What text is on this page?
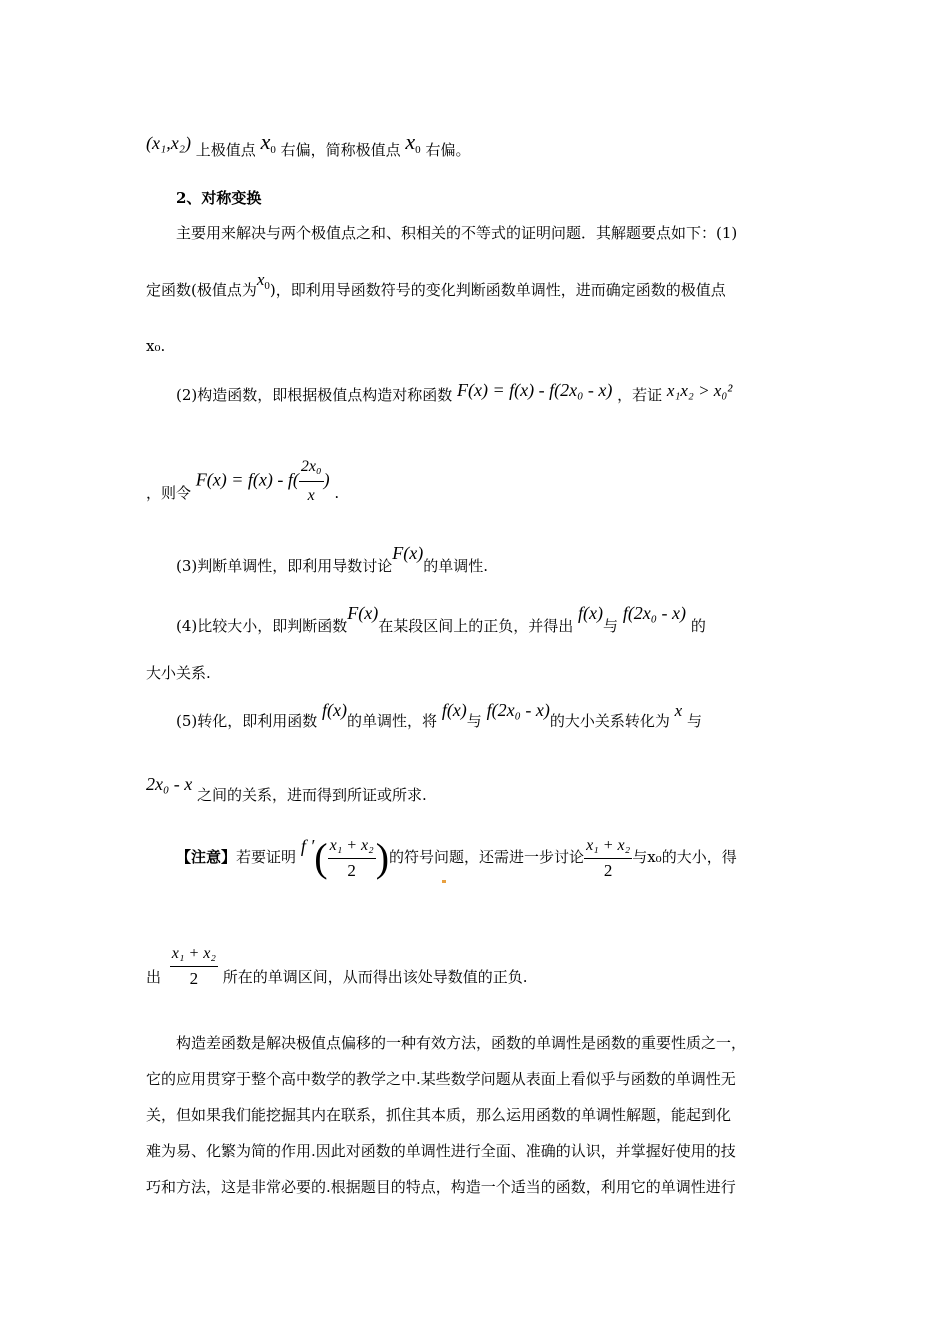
(x₁,x₂) 上极值点 x0 右偏，简称极值点 x0 右偏。
2、对称变换
主要用来解决与两个极值点之和、积相关的不等式的证明问题．其解题要点如下：(1)
定函数(极值点为$x_0$)，即利用导函数符号的变化判断函数单调性，进而确定函数的极值点
x₀.
(2)构造函数，即根据极值点构造对称函数 F(x) = f(x) - f(2x₀ - x) ，若证 x₁x₂ > x₀²
，则令 $F(x) = f(x) - f( \frac{\text{2x₀}}{x}$ ) .
(3)判断单调性，即利用导数讨论F(x)的单调性.
(4)比较大小，即判断函数F(x)在某段区间上的正负，并得出 f(x)与 f(2x₀ - x) 的
大小关系.
(5)转化，即利用函数 f(x)的单调性，将 f(x)与 f(2x₀ - x)的大小关系转化为 x 与
2x₀ - x 之间的关系，进而得到所证或所求.
【注意】若要证明 f ′( $\frac{\text{x₁ + x₂}}{2}$ )的符号问题，还需进一步讨论 $\frac{\text{x₁ + x₂}}{2}$ 与x₀的大小，得
出 $\frac{\text{x₁ + x₂}}{2}$ 所在的单调区间，从而得出该处导数值的正负.
构造差函数是解决极值点偏移的一种有效方法，函数的单调性是函数的重要性质之一，
它的应用贯穿于整个高中数学的教学之中.某些数学问题从表面上看似乎与函数的单调性无
关，但如果我们能挖掘其内在联系，抓住其本质，那么运用函数的单调性解题，能起到化
难为易、化繁为简的作用.因此对函数的单调性进行全面、准确的认识，并掌握好使用的技
巧和方法，这是非常必要的.根据题目的特点，构造一个适当的函数，利用它的单调性进行
